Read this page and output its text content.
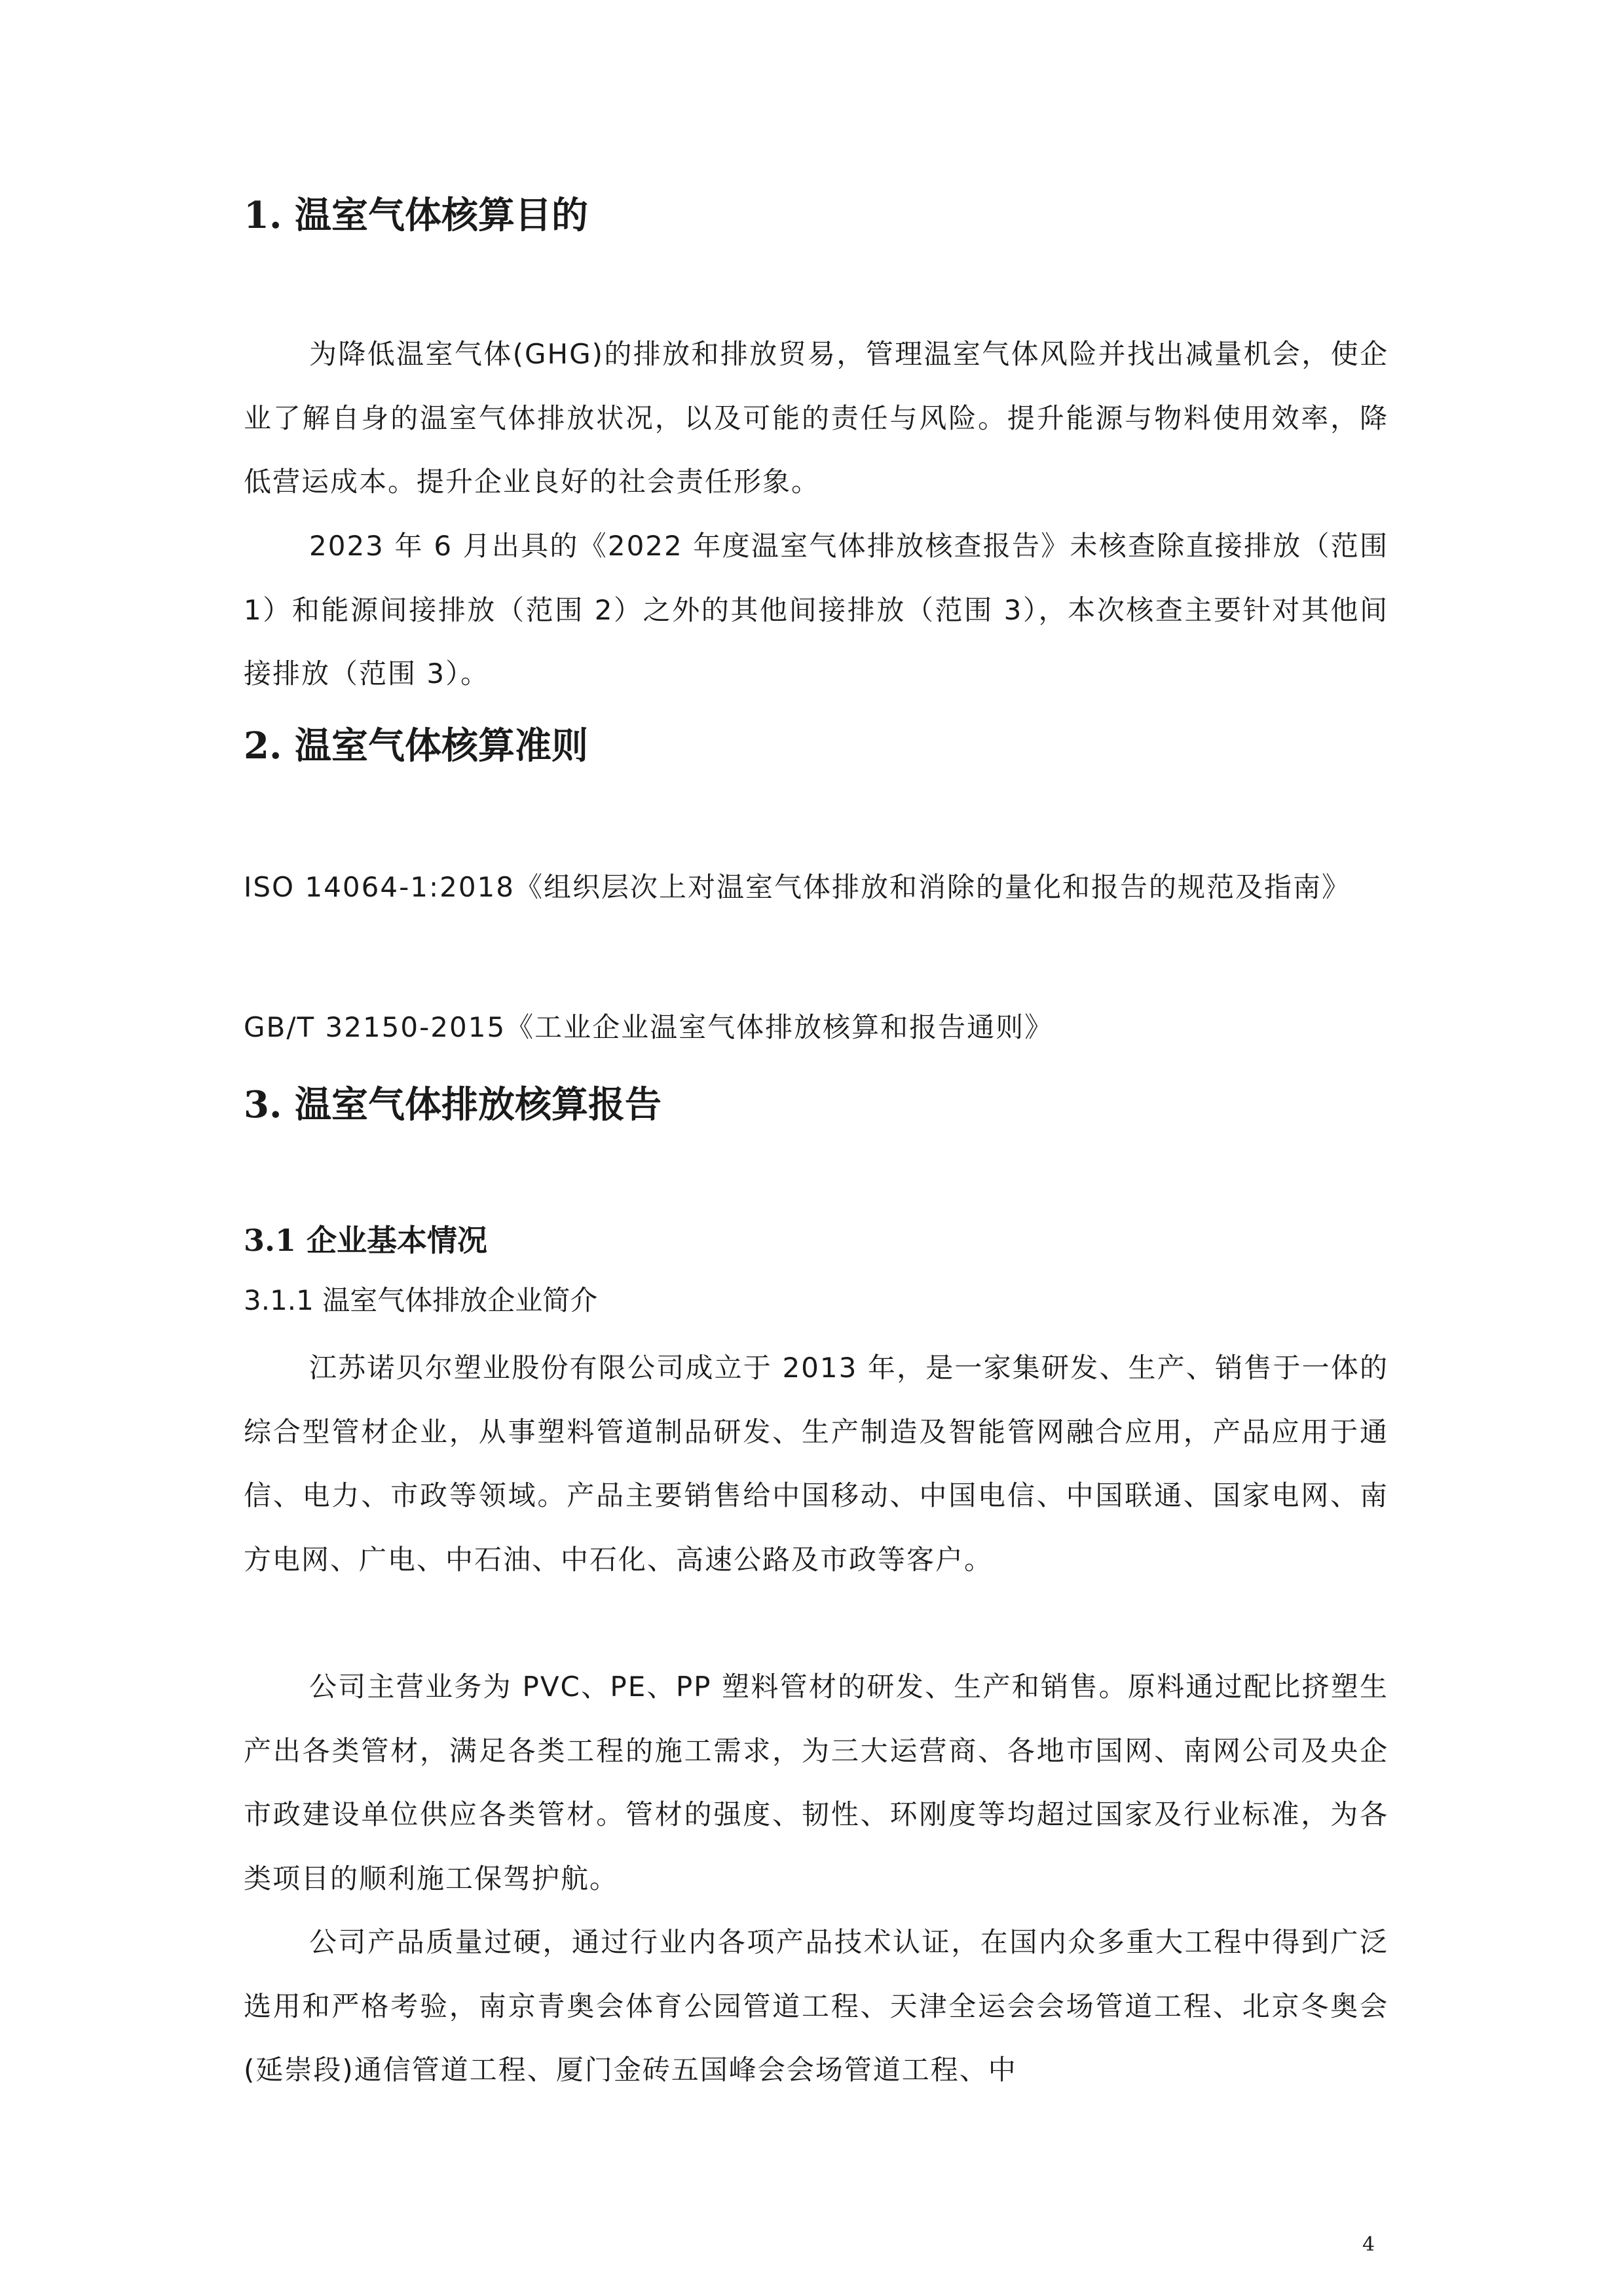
1. 温室气体核算目的
为降低温室气体(GHG)的排放和排放贸易，管理温室气体风险并找出减量机会，使企业了解自身的温室气体排放状况，以及可能的责任与风险。提升能源与物料使用效率，降低营运成本。提升企业良好的社会责任形象。
2023 年 6 月出具的《2022 年度温室气体排放核查报告》未核查除直接排放（范围 1）和能源间接排放（范围 2）之外的其他间接排放（范围 3），本次核查主要针对其他间接排放（范围 3）。
2. 温室气体核算准则
ISO 14064-1:2018《组织层次上对温室气体排放和消除的量化和报告的规范及指南》
GB/T 32150-2015《工业企业温室气体排放核算和报告通则》
3. 温室气体排放核算报告
3.1 企业基本情况
3.1.1 温室气体排放企业简介
江苏诺贝尔塑业股份有限公司成立于 2013 年，是一家集研发、生产、销售于一体的综合型管材企业，从事塑料管道制品研发、生产制造及智能管网融合应用，产品应用于通信、电力、市政等领域。产品主要销售给中国移动、中国电信、中国联通、国家电网、南方电网、广电、中石油、中石化、高速公路及市政等客户。
公司主营业务为 PVC、PE、PP 塑料管材的研发、生产和销售。原料通过配比挤塑生产出各类管材，满足各类工程的施工需求，为三大运营商、各地市国网、南网公司及央企市政建设单位供应各类管材。管材的强度、韧性、环刚度等均超过国家及行业标准，为各类项目的顺利施工保驾护航。
公司产品质量过硬，通过行业内各项产品技术认证，在国内众多重大工程中得到广泛选用和严格考验，南京青奥会体育公园管道工程、天津全运会会场管道工程、北京冬奥会(延崇段)通信管道工程、厦门金砖五国峰会会场管道工程、中
4
